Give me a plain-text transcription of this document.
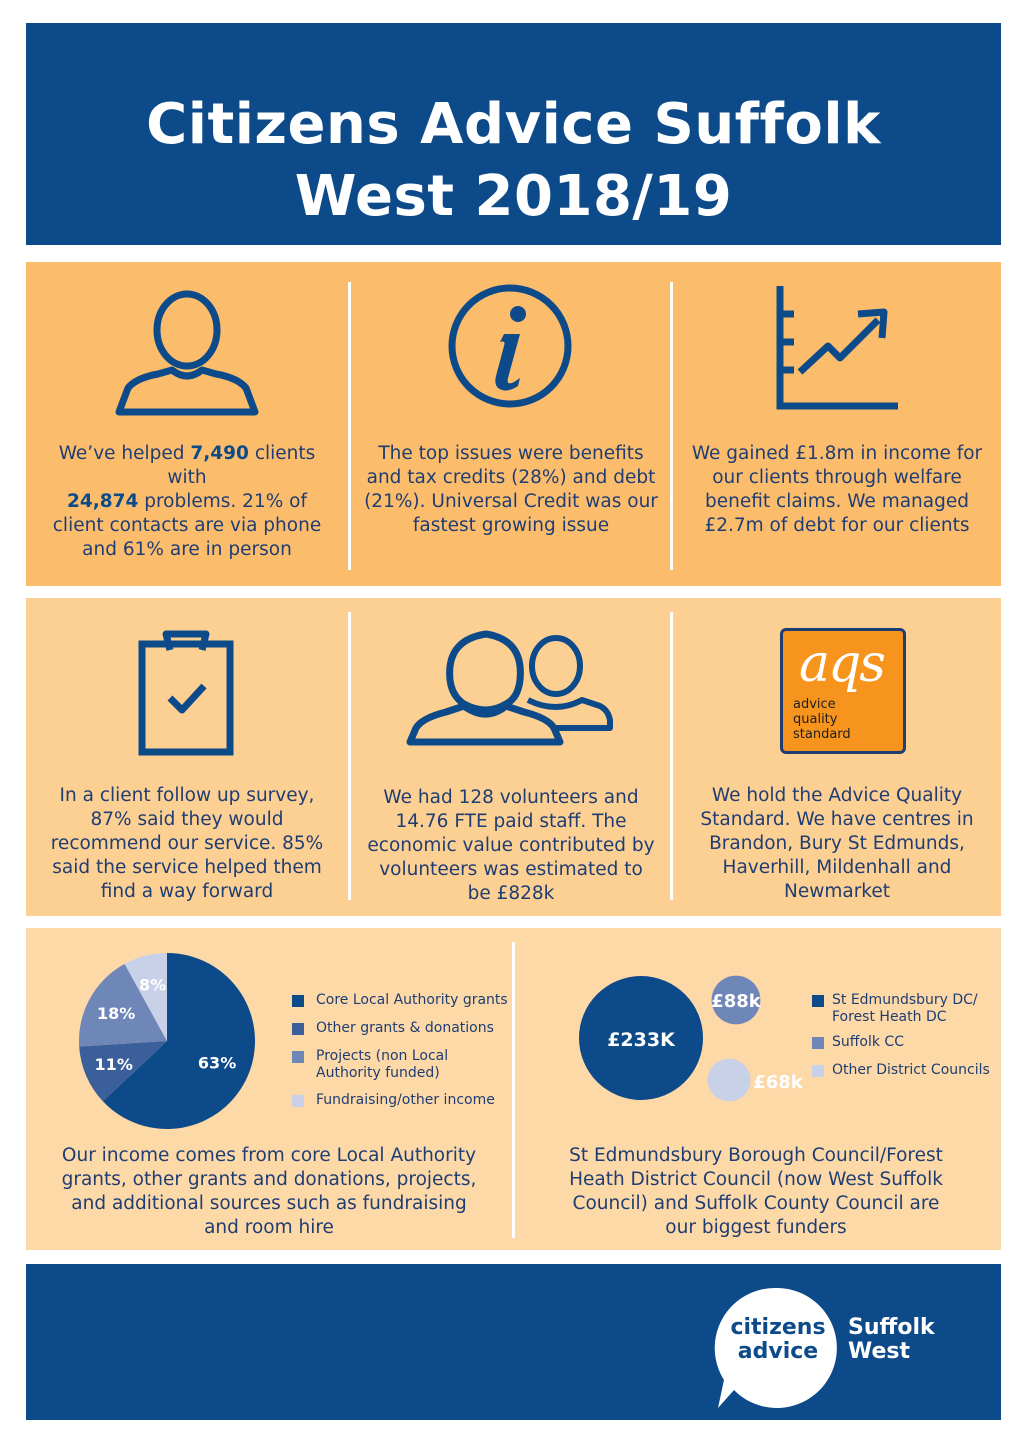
Citizens Advice Suffolk
West 2018/19
We’ve helped 7,490 clients with
24,874 problems. 21% of client contacts are via phone and 61% are in person
The top issues were benefits and tax credits (28%) and debt (21%). Universal Credit was our fastest growing issue
We gained £1.8m in income for our clients through welfare benefit claims. We managed £2.7m of debt for our clients
In a client follow up survey, 87% said they would recommend our service. 85% said the service helped them find a way forward
We had 128 volunteers and 14.76 FTE paid staff. The economic value contributed by volunteers was estimated to be £828k
aqs
advice
quality
standard
We hold the Advice Quality Standard. We have centres in Brandon, Bury St Edmunds, Haverhill, Mildenhall and Newmarket
63%
11%
18%
8%
Core Local Authority grants
Other grants & donations
Projects (non Local Authority funded)
Fundraising/other income
Our income comes from core Local Authority grants, other grants and donations, projects, and additional sources such as fundraising and room hire
£233K
£88k
£68k
St Edmundsbury DC/ Forest Heath DC
Suffolk CC
Other District Councils
St Edmundsbury Borough Council/Forest Heath District Council (now West Suffolk Council) and Suffolk County Council are our biggest funders
citizens
advice
Suffolk
West
